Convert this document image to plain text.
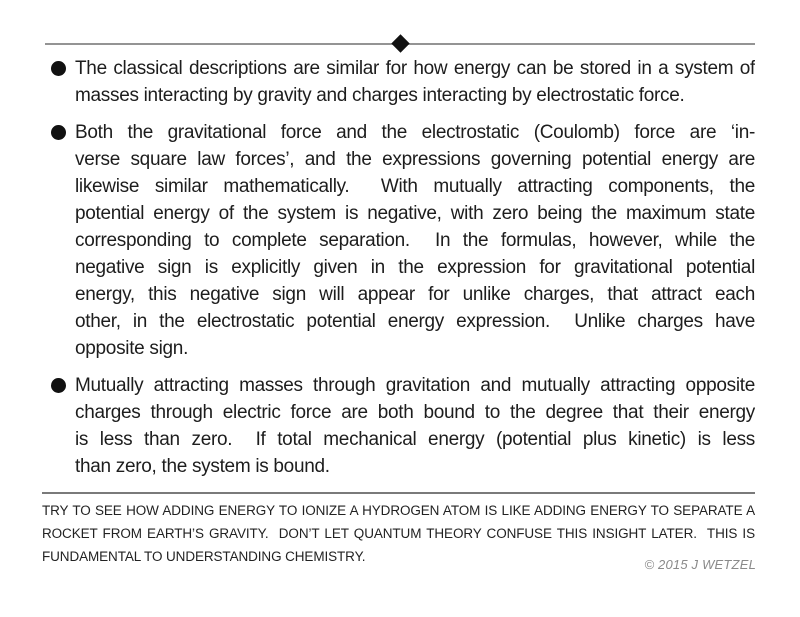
The classical descriptions are similar for how energy can be stored in a system of
masses interacting by gravity and charges interacting by electrostatic force.
Both the gravitational force and the electrostatic (Coulomb) force are ‘in-
verse square law forces’, and the expressions governing potential energy are
likewise similar mathematically.  With mutually attracting components, the
potential energy of the system is negative, with zero being the maximum state
corresponding to complete separation.  In the formulas, however, while the
negative sign is explicitly given in the expression for gravitational potential
energy, this negative sign will appear for unlike charges, that attract each
other, in the electrostatic potential energy expression.  Unlike charges have
opposite sign.
Mutually attracting masses through gravitation and mutually attracting opposite
charges through electric force are both bound to the degree that their energy
is less than zero.  If total mechanical energy (potential plus kinetic) is less
than zero, the system is bound.
TRY TO SEE HOW ADDING ENERGY TO IONIZE A HYDROGEN ATOM IS LIKE ADDING ENERGY TO SEPARATE A
ROCKET FROM EARTH’S GRAVITY.  DON’T LET QUANTUM THEORY CONFUSE THIS INSIGHT LATER.  THIS IS
FUNDAMENTAL TO UNDERSTANDING CHEMISTRY.
© 2015 J WETZEL
